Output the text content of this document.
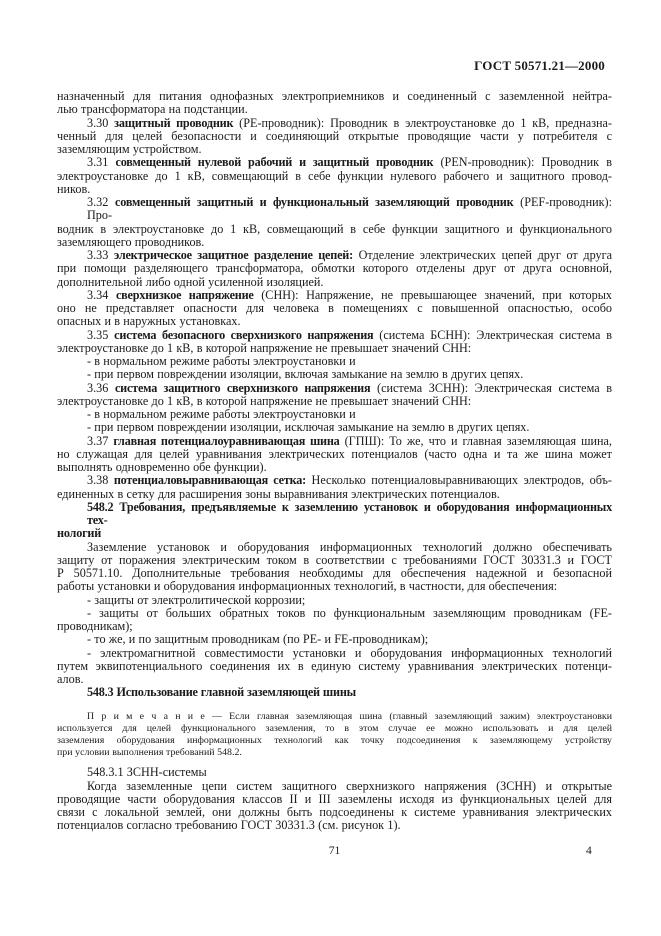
ГОСТ 50571.21—2000
назначенный для питания однофазных электроприемников и соединенный с заземленной нейтра-
лью трансформатора на подстанции.
3.30 защитный проводник (PE-проводник): Проводник в электроустановке до 1 кВ, предназна-
ченный для целей безопасности и соединяющий открытые проводящие части у потребителя с
заземляющим устройством.
3.31 совмещенный нулевой рабочий и защитный проводник (PEN-проводник): Проводник в
электроустановке до 1 кВ, совмещающий в себе функции нулевого рабочего и защитного провод-
ников.
3.32 совмещенный защитный и функциональный заземляющий проводник (PEF-проводник): Про-
водник в электроустановке до 1 кВ, совмещающий в себе функции защитного и функционального
заземляющего проводников.
3.33 электрическое защитное разделение цепей: Отделение электрических цепей друг от друга
при помощи разделяющего трансформатора, обмотки которого отделены друг от друга основной,
дополнительной либо одной усиленной изоляцией.
3.34 сверхнизкое напряжение (СНН): Напряжение, не превышающее значений, при которых
оно не представляет опасности для человека в помещениях с повышенной опасностью, особо
опасных и в наружных установках.
3.35 система безопасного сверхнизкого напряжения (система БСНН): Электрическая система в
электроустановке до 1 кВ, в которой напряжение не превышает значений СНН:
- в нормальном режиме работы электроустановки и
- при первом повреждении изоляции, включая замыкание на землю в других цепях.
3.36 система защитного сверхнизкого напряжения (система ЗСНН): Электрическая система в
электроустановке до 1 кВ, в которой напряжение не превышает значений СНН:
- в нормальном режиме работы электроустановки и
- при первом повреждении изоляции, исключая замыкание на землю в других цепях.
3.37 главная потенциалоуравнивающая шина (ГПШ): То же, что и главная заземляющая шина,
но служащая для целей уравнивания электрических потенциалов (часто одна и та же шина может
выполнять одновременно обе функции).
3.38 потенциаловыравнивающая сетка: Несколько потенциаловыравнивающих электродов, объ-
единенных в сетку для расширения зоны выравнивания электрических потенциалов.
548.2 Требования, предъявляемые к заземлению установок и оборудования информационных тех-
нологий
Заземление установок и оборудования информационных технологий должно обеспечивать
защиту от поражения электрическим током в соответствии с требованиями ГОСТ 30331.3 и ГОСТ
Р 50571.10. Дополнительные требования необходимы для обеспечения надежной и безопасной
работы установки и оборудования информационных технологий, в частности, для обеспечения:
- защиты от электролитической коррозии;
- защиты от больших обратных токов по функциональным заземляющим проводникам (FE-
проводникам);
- то же, и по защитным проводникам (по PE- и FE-проводникам);
- электромагнитной совместимости установки и оборудования информационных технологий
путем эквипотенциального соединения их в единую систему уравнивания электрических потенци-
алов.
548.3 Использование главной заземляющей шины
П р и м е ч а н и е — Если главная заземляющая шина (главный заземляющий зажим) электроустановки
используется для целей функционального заземления, то в этом случае ее можно использовать и для целей
заземления оборудования информационных технологий как точку подсоединения к заземляющему устройству
при условии выполнения требований 548.2.
548.3.1 ЗСНН-системы
Когда заземленные цепи систем защитного сверхнизкого напряжения (ЗСНН) и открытые
проводящие части оборудования классов II и III заземлены исходя из функциональных целей для
связи с локальной землей, они должны быть подсоединены к системе уравнивания электрических
потенциалов согласно требованию ГОСТ 30331.3 (см. рисунок 1).
71	4
